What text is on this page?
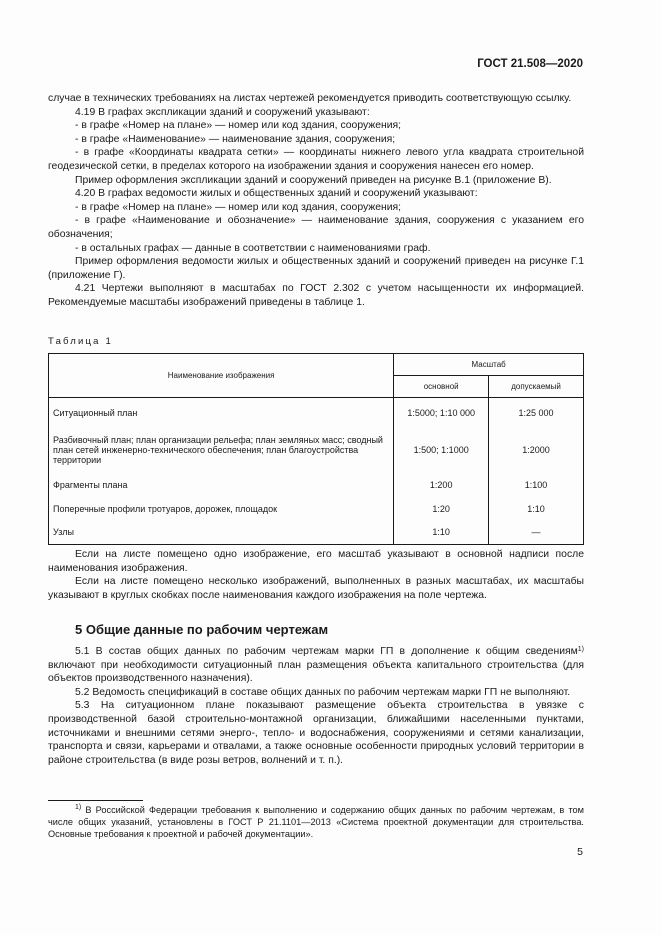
ГОСТ 21.508—2020

случае в технических требованиях на листах чертежей рекомендуется приводить соответствующую ссылку.

4.19 В графах экспликации зданий и сооружений указывают:

- в графе «Номер на плане» — номер или код здания, сооружения;

- в графе «Наименование» — наименование здания, сооружения;

- в графе «Координаты квадрата сетки» — координаты нижнего левого угла квадрата строительной геодезической сетки, в пределах которого на изображении здания и сооружения нанесен его номер.

Пример оформления экспликации зданий и сооружений приведен на рисунке В.1 (приложение В).

4.20 В графах ведомости жилых и общественных зданий и сооружений указывают:

- в графе «Номер на плане» — номер или код здания, сооружения;

- в графе «Наименование и обозначение» — наименование здания, сооружения с указанием его обозначения;

- в остальных графах — данные в соответствии с наименованиями граф.

Пример оформления ведомости жилых и общественных зданий и сооружений приведен на рисунке Г.1 (приложение Г).

4.21 Чертежи выполняют в масштабах по ГОСТ 2.302 с учетом насыщенности их информацией. Рекомендуемые масштабы изображений приведены в таблице 1.

Таблица 1
Наименование изображения	Масштаб	
	основной	допускаемый
Ситуационный план	1:5000; 1:10 000	1:25 000
Разбивочный план; план организации рельефа; план земляных масс; сводный план сетей инженерно-технического обеспечения; план благоустройства территории	1:500; 1:1000	1:2000
Фрагменты плана	1:200	1:100
Поперечные профили тротуаров, дорожек, площадок	1:20	1:10
Узлы	1:10	—

Если на листе помещено одно изображение, его масштаб указывают в основной надписи после наименования изображения.

Если на листе помещено несколько изображений, выполненных в разных масштабах, их масштабы указывают в круглых скобках после наименования каждого изображения на поле чертежа.

5 Общие данные по рабочим чертежам

5.1 В состав общих данных по рабочим чертежам марки ГП в дополнение к общим сведениям$^{1)}$ включают при необходимости ситуационный план размещения объекта капитального строительства (для объектов производственного назначения).

5.2 Ведомость спецификаций в составе общих данных по рабочим чертежам марки ГП не выполняют.

5.3 На ситуационном плане показывают размещение объекта строительства в увязке с производственной базой строительно-монтажной организации, ближайшими населенными пунктами, источниками и внешними сетями энерго-, тепло- и водоснабжения, сооружениями и сетями канализации, транспорта и связи, карьерами и отвалами, а также основные особенности природных условий территории в районе строительства (в виде розы ветров, волнений и т. п.).

$^{1)}$ В Российской Федерации требования к выполнению и содержанию общих данных по рабочим чертежам, в том числе общих указаний, установлены в ГОСТ Р 21.1101—2013 «Система проектной документации для строительства. Основные требования к проектной и рабочей документации».

5
